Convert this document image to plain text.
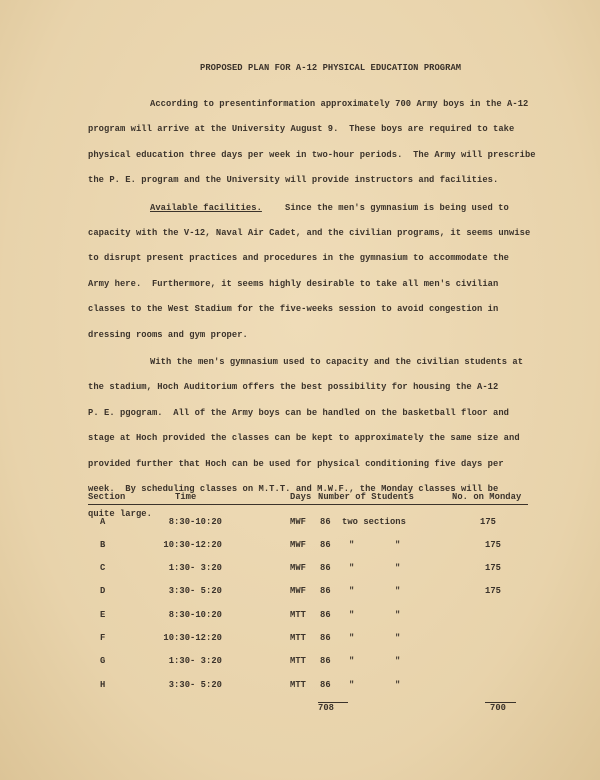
PROPOSED PLAN FOR A-12 PHYSICAL EDUCATION PROGRAM
According to presentinformation approximately 700 Army boys in the A-12
program will arrive at the University August 9.  These boys are required to take
physical education three days per week in two-hour periods.  The Army will prescribe
the P. E. program and the University will provide instructors and facilities.
Available facilities.	Since the men's gymnasium is being used to
capacity with the V-12, Naval Air Cadet, and the civilian programs, it seems unwise
to disrupt present practices and procedures in the gymnasium to accommodate the
Army here.  Furthermore, it seems highly desirable to take all men's civilian
classes to the West Stadium for the five-weeks session to avoid congestion in
dressing rooms and gym proper.
With the men's gymnasium used to capacity and the civilian students at
the stadium, Hoch Auditorium offers the best possibility for housing the A-12
P. E. pgogram.  All of the Army boys can be handled on the basketball floor and
stage at Hoch provided the classes can be kept to approximately the same size and
provided further that Hoch can be used for physical conditioning five days per
week.  By scheduling classes on M.T.T. and M.W.F., the Monday classes will be
quite large.
Section	Time	Days Number of Students	No. on Monday
A	8:30-10:20	MWF 86 two sections	175
B	10:30-12:20	MWF 86 "	"	175
C	1:30- 3:20	MWF 86 "	"	175
D	3:30- 5:20	MWF 86 "	"	175
E	8:30-10:20	MTT 86 "	"
F	10:30-12:20	MTT 86 "	"
G	1:30- 3:20	MTT 86 "	"
H	3:30- 5:20	MTT 86 "	"
708	700
